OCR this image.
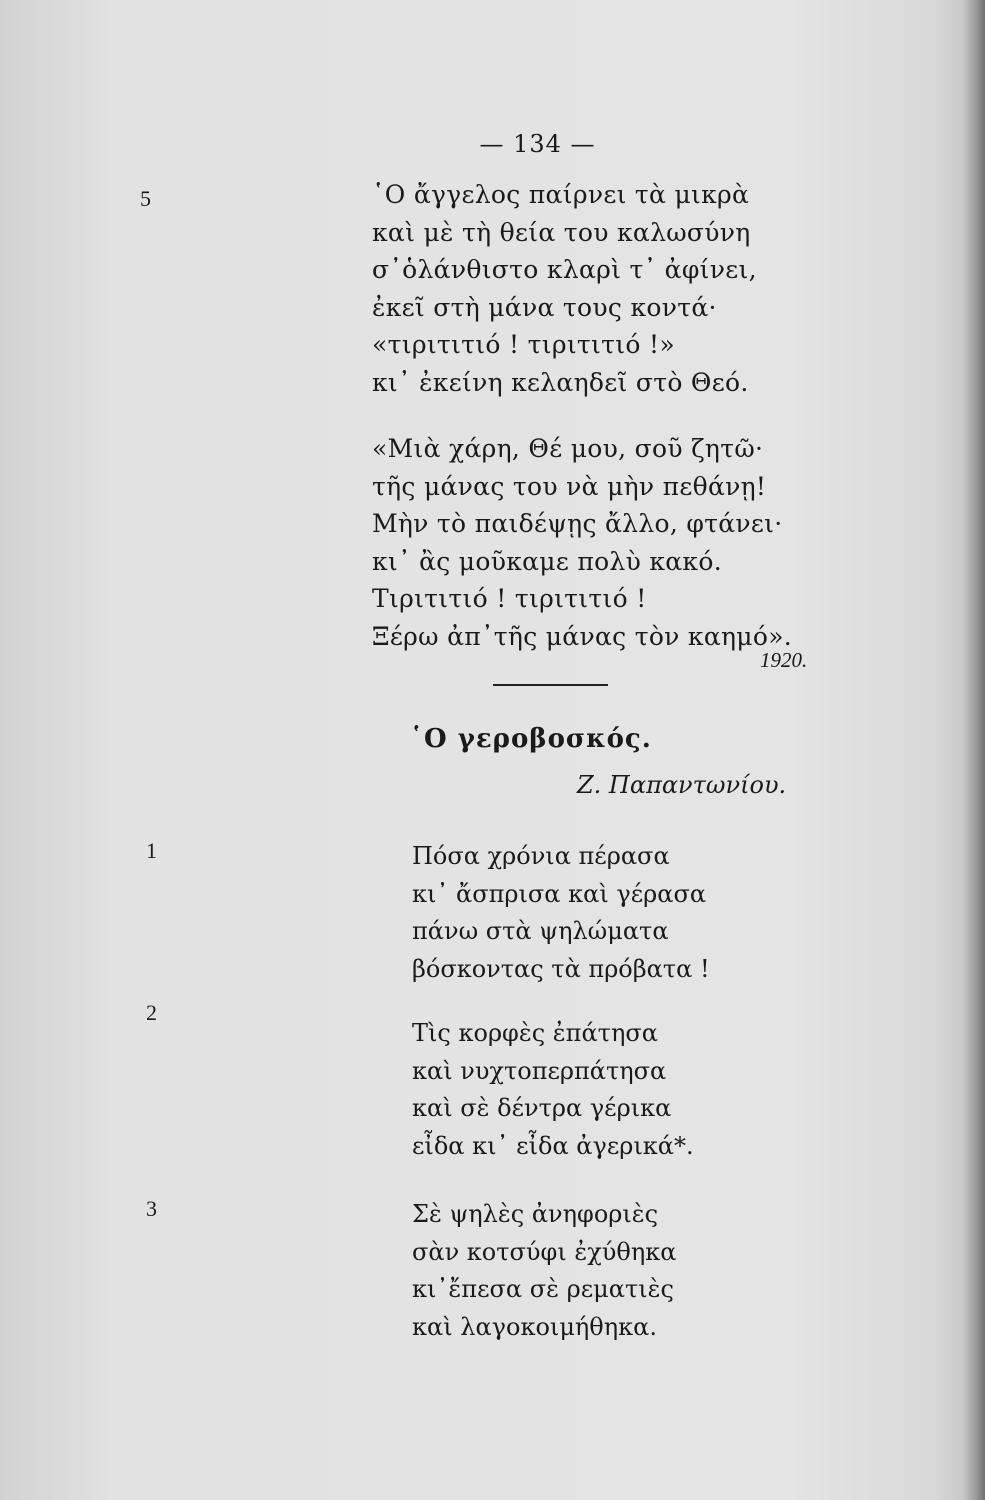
— 134 —
5	῾Ο ἄγγελος παίρνει τὰ μικρὰ
καὶ μὲ τὴ θεία του καλωσύνη
σ᾽ὁλάνθιστο κλαρὶ τ᾽ ἀφίνει,
ἐκεῖ στὴ μάνα τους κοντά·
«τιριτιτιό ! τιριτιτιό !»
κι᾽ ἐκείνη κελαηδεῖ στὸ Θεό.
«Μιὰ χάρη, Θέ μου, σοῦ ζητῶ·
τῆς μάνας του νὰ μὴν πεθάνῃ!
Μὴν τὸ παιδέψῃς ἄλλο, φτάνει·
κι᾽ ἂς μοῦκαμε πολὺ κακό.
Τιριτιτιό ! τιριτιτιό !
Ξέρω ἀπ᾽τῆς μάνας τὸν καημό».
1920.
῾Ο γεροβοσκός.
Ζ. Παπαντωνίου.
1	Πόσα χρόνια πέρασα
κι᾽ ἄσπρισα καὶ γέρασα
πάνω στὰ ψηλώματα
βόσκοντας τὰ πρόβατα !
2
Τὶς κορφὲς ἐπάτησα
καὶ νυχτοπερπάτησα
καὶ σὲ δέντρα γέρικα
εἶδα κι᾽ εἶδα ἀγερικά*.
3	Σὲ ψηλὲς ἀνηφοριὲς
σὰν κοτσύφι ἐχύθηκα
κι᾽ἔπεσα σὲ ρεματιὲς
καὶ λαγοκοιμήθηκα.
